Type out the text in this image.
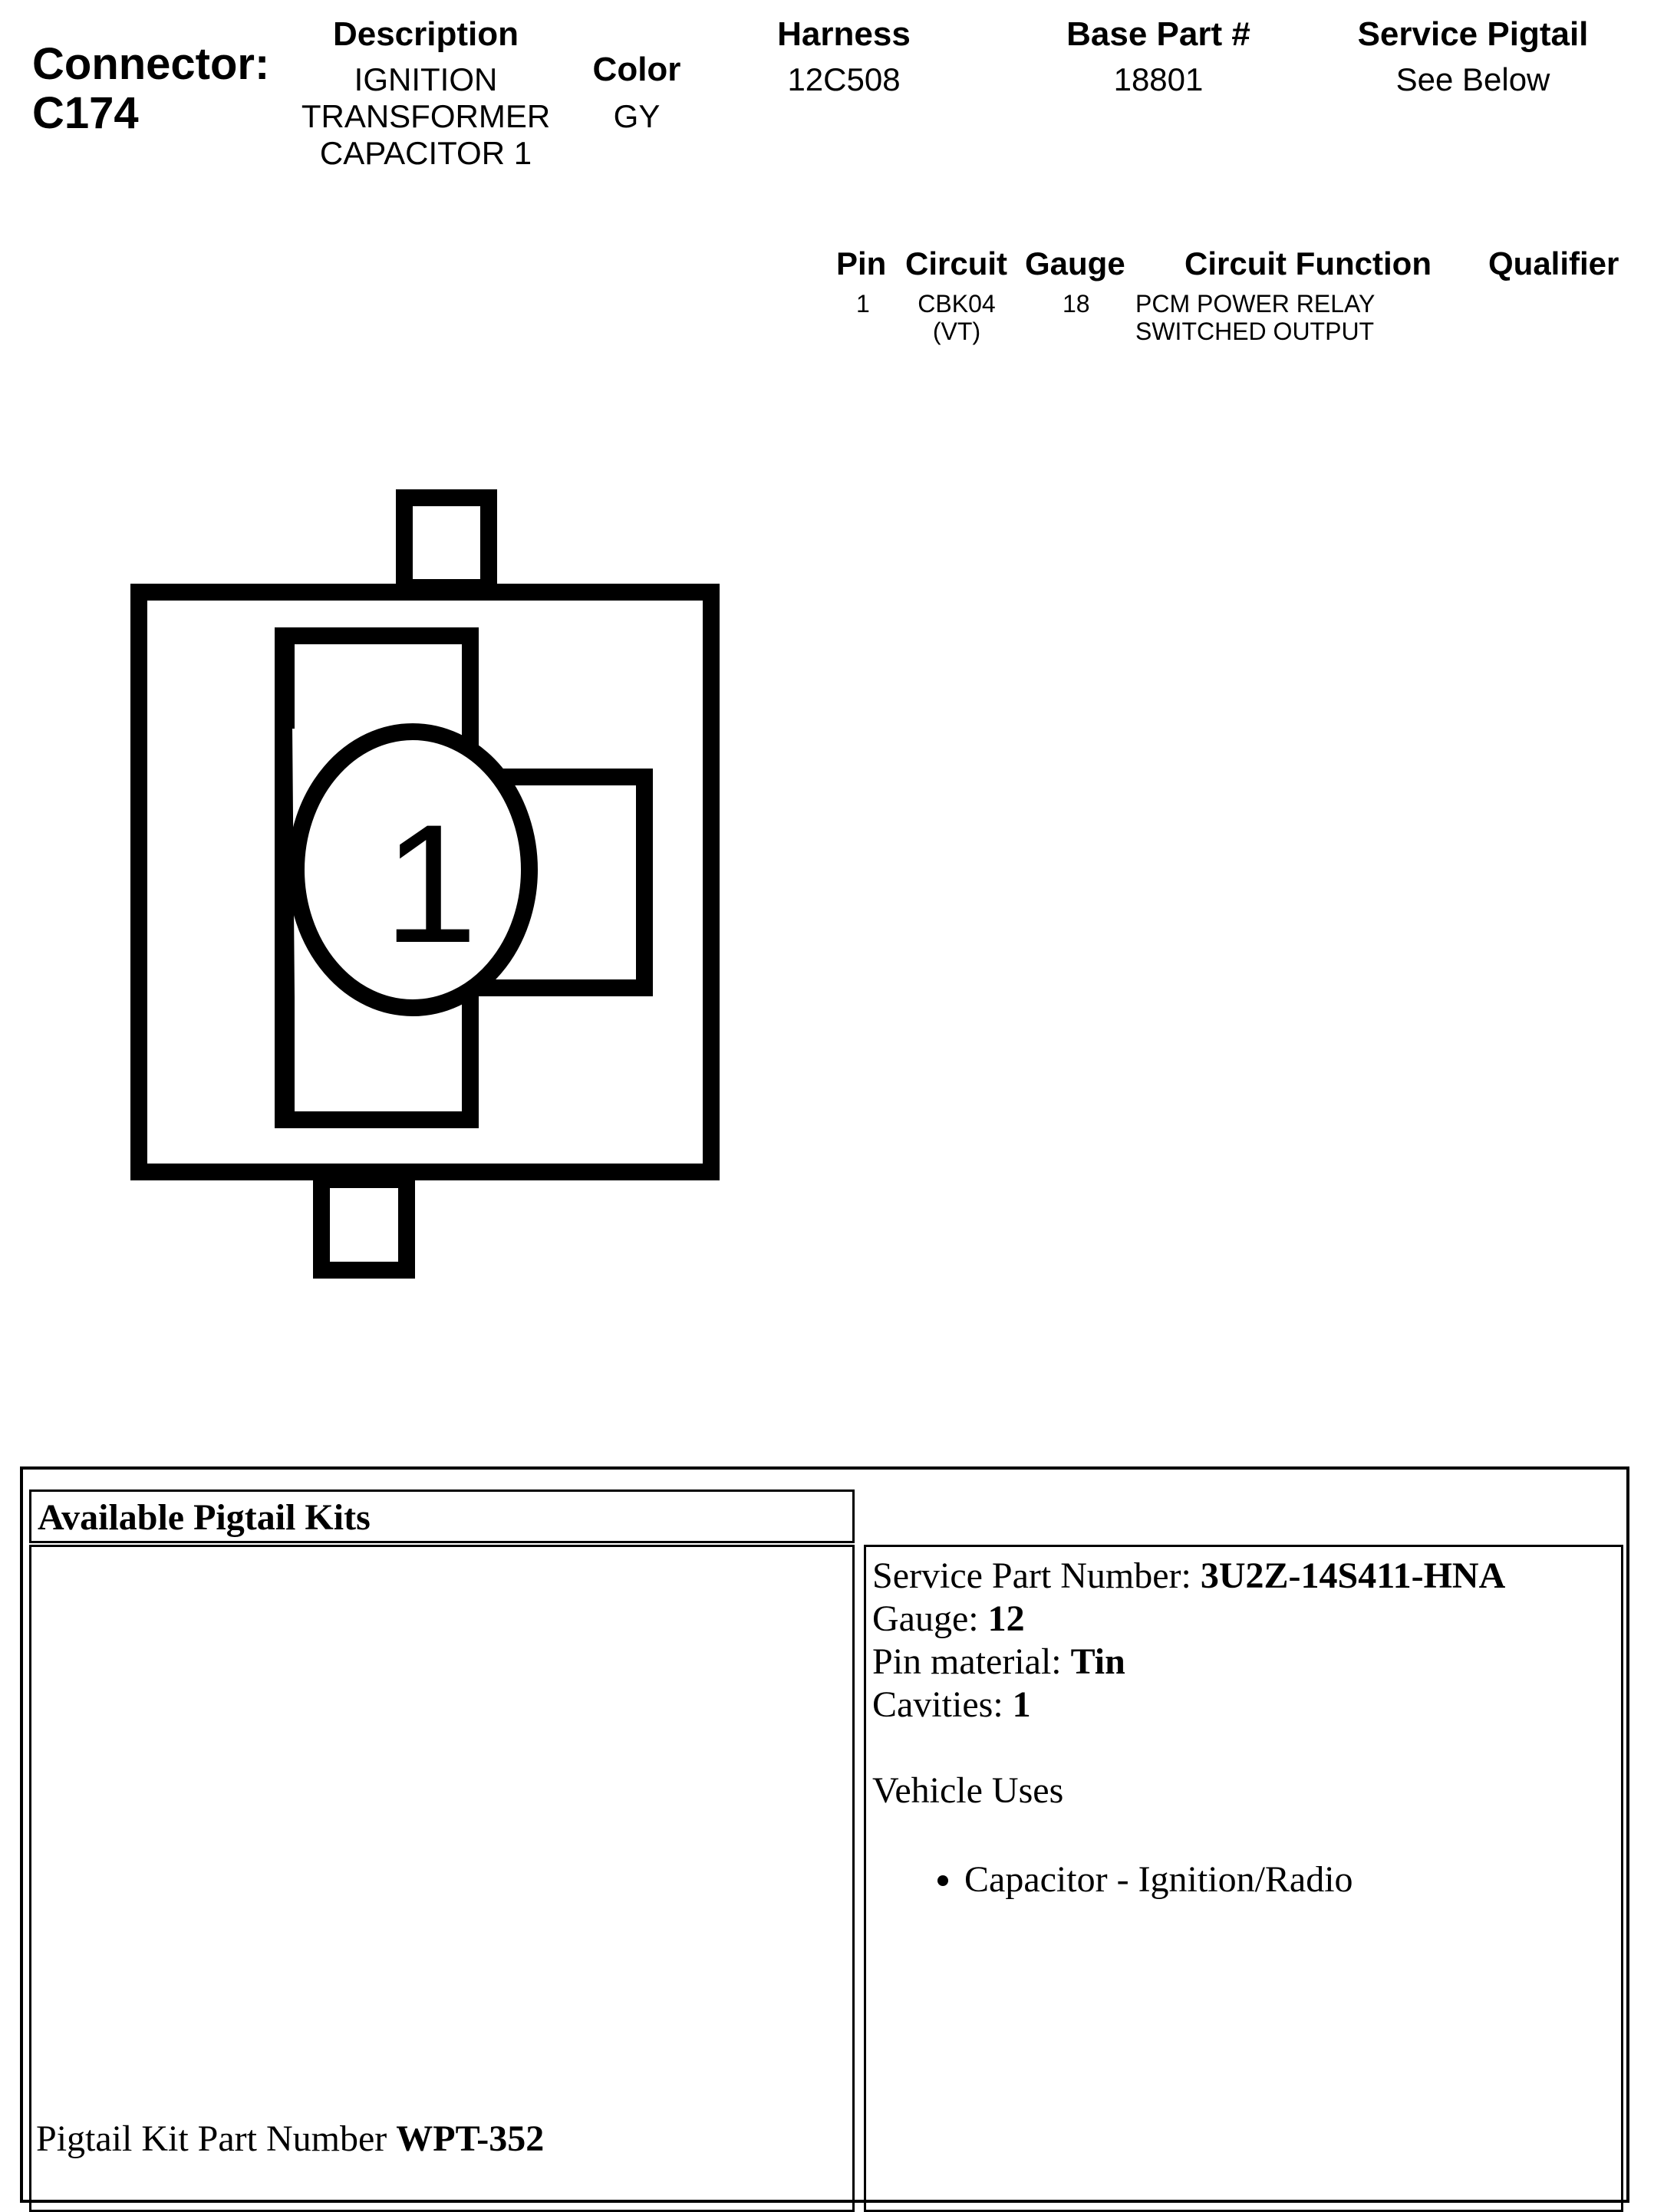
Connector:
C174
Description
IGNITION
TRANSFORMER
CAPACITOR 1
Color
GY
Harness
12C508
Base Part #
18801
Service Pigtail
See Below
Pin Circuit Gauge Circuit Function Qualifier
1	CBK04
(VT)
18 PCM POWER RELAY
SWITCHED OUTPUT
1
Available Pigtail Kits
Pigtail Kit Part Number WPT-352
Service Part Number: 3U2Z-14S411-HNA
Gauge: 12
Pin material: Tin
Cavities: 1
Vehicle Uses
• Capacitor - Ignition/Radio
